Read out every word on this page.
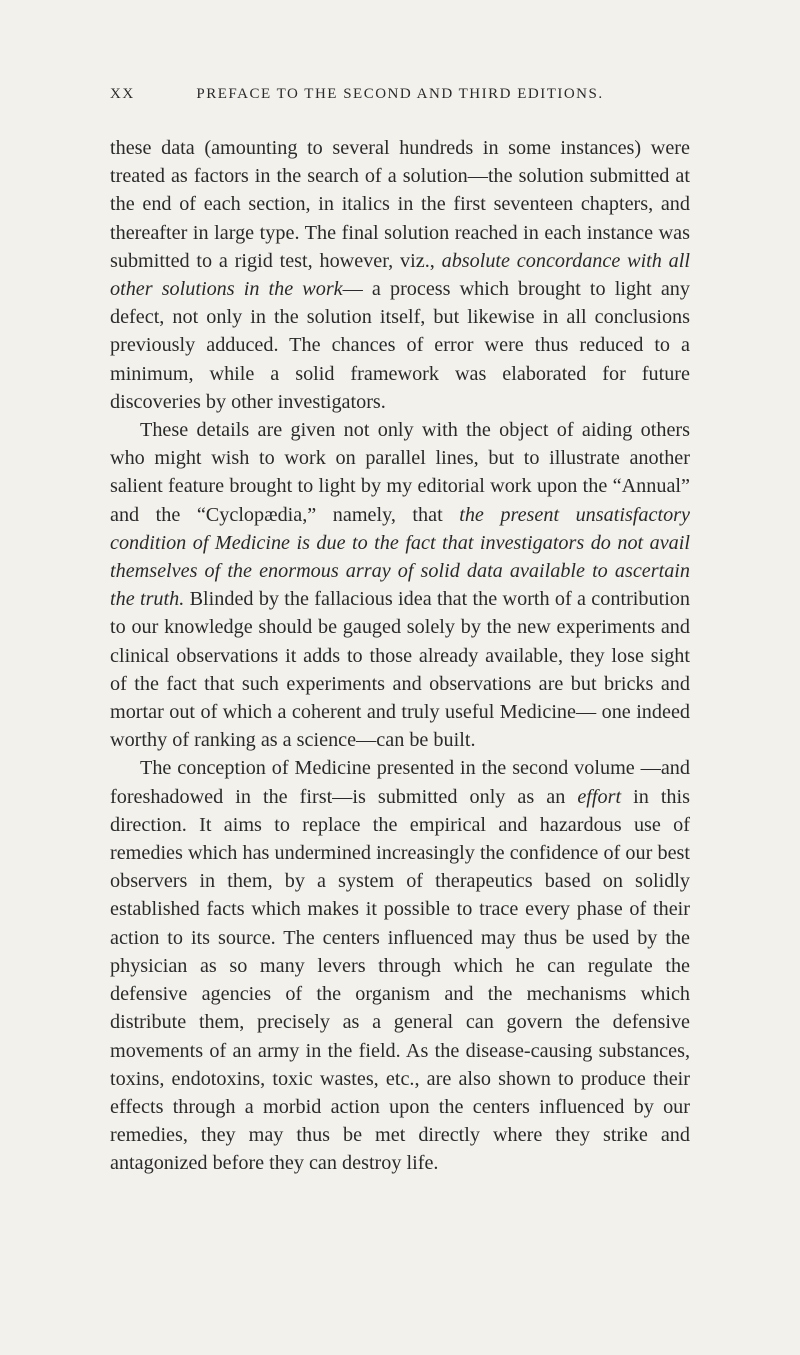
XX	PREFACE TO THE SECOND AND THIRD EDITIONS.

these data (amounting to several hundreds in some instances) were treated as factors in the search of a solution—the solution submitted at the end of each section, in italics in the first seventeen chapters, and thereafter in large type. The final solution reached in each instance was submitted to a rigid test, however, viz., absolute concordance with all other solutions in the work— a process which brought to light any defect, not only in the solution itself, but likewise in all conclusions previously adduced. The chances of error were thus reduced to a minimum, while a solid framework was elaborated for future discoveries by other investigators.

These details are given not only with the object of aiding others who might wish to work on parallel lines, but to illustrate another salient feature brought to light by my editorial work upon the “Annual” and the “Cyclopædia,” namely, that the present unsatisfactory condition of Medicine is due to the fact that investigators do not avail themselves of the enormous array of solid data available to ascertain the truth. Blinded by the fallacious idea that the worth of a contribution to our knowledge should be gauged solely by the new experiments and clinical observations it adds to those already available, they lose sight of the fact that such experiments and observations are but bricks and mortar out of which a coherent and truly useful Medicine— one indeed worthy of ranking as a science—can be built.

The conception of Medicine presented in the second volume —and foreshadowed in the first—is submitted only as an effort in this direction. It aims to replace the empirical and hazardous use of remedies which has undermined increasingly the confidence of our best observers in them, by a system of therapeutics based on solidly established facts which makes it possible to trace every phase of their action to its source. The centers influenced may thus be used by the physician as so many levers through which he can regulate the defensive agencies of the organism and the mechanisms which distribute them, precisely as a general can govern the defensive movements of an army in the field. As the disease-causing substances, toxins, endotoxins, toxic wastes, etc., are also shown to produce their effects through a morbid action upon the centers influenced by our remedies, they may thus be met directly where they strike and antagonized before they can destroy life.
